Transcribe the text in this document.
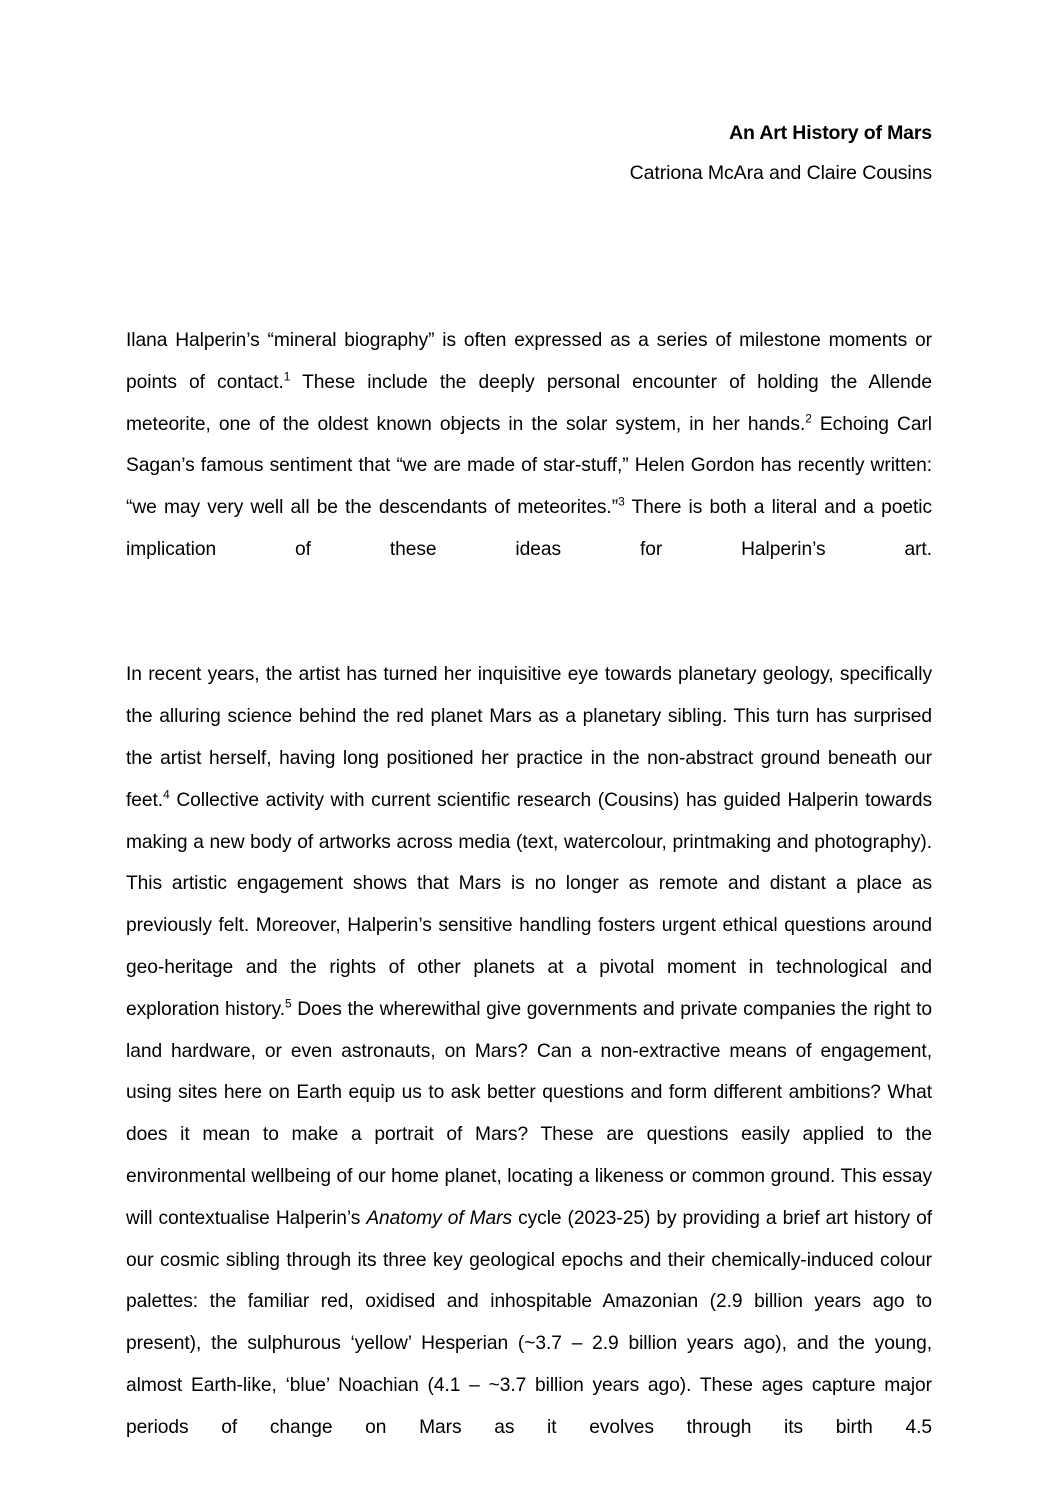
An Art History of Mars
Catriona McAra and Claire Cousins

Ilana Halperin’s “mineral biography” is often expressed as a series of milestone moments or points of contact.$^1$ These include the deeply personal encounter of holding the Allende meteorite, one of the oldest known objects in the solar system, in her hands.$^2$ Echoing Carl Sagan’s famous sentiment that “we are made of star-stuff,” Helen Gordon has recently written: “we may very well all be the descendants of meteorites.”$^3$ There is both a literal and a poetic implication of these ideas for Halperin’s art.

In recent years, the artist has turned her inquisitive eye towards planetary geology, specifically the alluring science behind the red planet Mars as a planetary sibling. This turn has surprised the artist herself, having long positioned her practice in the non-abstract ground beneath our feet.$^4$ Collective activity with current scientific research (Cousins) has guided Halperin towards making a new body of artworks across media (text, watercolour, printmaking and photography). This artistic engagement shows that Mars is no longer as remote and distant a place as previously felt. Moreover, Halperin’s sensitive handling fosters urgent ethical questions around geo-heritage and the rights of other planets at a pivotal moment in technological and exploration history.$^5$ Does the wherewithal give governments and private companies the right to land hardware, or even astronauts, on Mars? Can a non-extractive means of engagement, using sites here on Earth equip us to ask better questions and form different ambitions? What does it mean to make a portrait of Mars? These are questions easily applied to the environmental wellbeing of our home planet, locating a likeness or common ground. This essay will contextualise Halperin’s Anatomy of Mars cycle (2023-25) by providing a brief art history of our cosmic sibling through its three key geological epochs and their chemically-induced colour palettes: the familiar red, oxidised and inhospitable Amazonian (2.9 billion years ago to present), the sulphurous ‘yellow’ Hesperian (~3.7 – 2.9 billion years ago), and the young, almost Earth-like, ‘blue’ Noachian (4.1 – ~3.7 billion years ago). These ages capture major periods of change on Mars as it evolves through its birth 4.5
